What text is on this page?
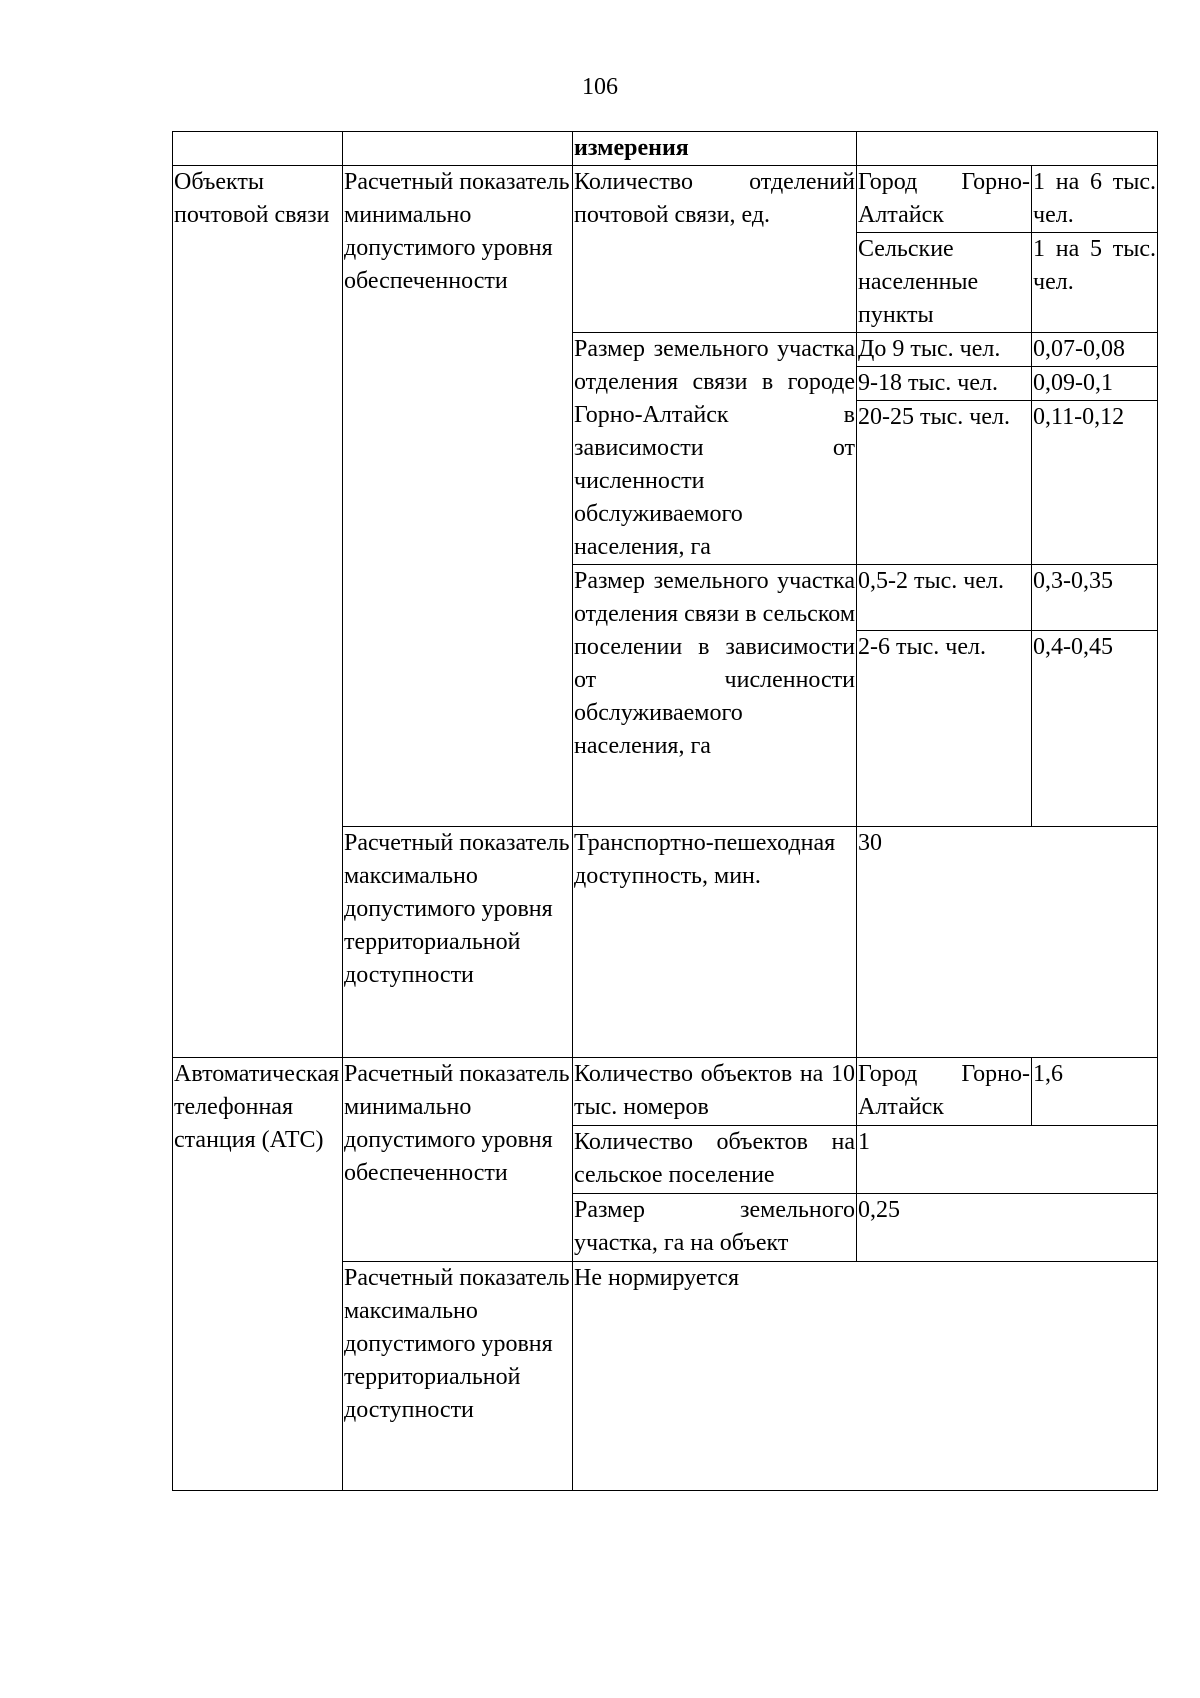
106
		измерения		
Объекты почтовой связи	Расчетный показатель минимально допустимого уровня обеспеченности	Количество отделений почтовой связи, ед.	Город Горно-Алтайск	1 на 6 тыс. чел.
			Сельские населенные пункты	1 на 5 тыс. чел.
		Размер земельного участка отделения связи в городе Горно-Алтайск в зависимости от численности обслуживаемого населения, га	До 9 тыс. чел.	0,07-0,08
			9-18 тыс. чел.	0,09-0,1
			20-25 тыс. чел.	0,11-0,12
		Размер земельного участка отделения связи в сельском поселении в зависимости от численности обслуживаемого населения, га	0,5-2 тыс. чел.	0,3-0,35
			2-6 тыс. чел.	0,4-0,45
	Расчетный показатель максимально допустимого уровня территориальной доступности	Транспортно-пешеходная доступность, мин.	30	
Автоматическая телефонная станция (АТС)	Расчетный показатель минимально допустимого уровня обеспеченности	Количество объектов на 10 тыс. номеров	Город Горно-Алтайск	1,6
		Количество объектов на сельское поселение	1	
		Размер земельного участка, га на объект	0,25	
	Расчетный показатель максимально допустимого уровня территориальной доступности	Не нормируется		
